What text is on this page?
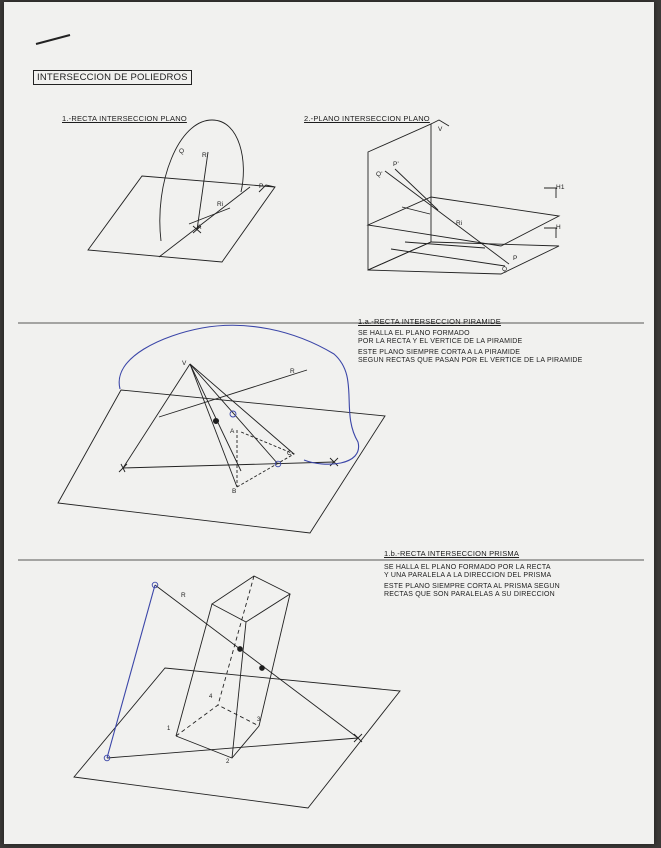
INTERSECCION DE POLIEDROS
1.-RECTA INTERSECCION PLANO	2.-PLANO INTERSECCION PLANO
1.a.-RECTA INTERSECCION PIRAMIDE
1.b.-RECTA INTERSECCION PRISMA
SE HALLA EL PLANO FORMADO
POR LA RECTA Y EL VERTICE DE LA PIRAMIDE
ESTE PLANO SIEMPRE CORTA A LA PIRAMIDE
SEGUN RECTAS QUE PASAN POR EL VERTICE DE LA PIRAMIDE
SE HALLA EL PLANO FORMADO POR LA RECTA
Y UNA PARALELA A LA DIRECCION DEL PRISMA
ESTE PLANO SIEMPRE CORTA AL PRISMA SEGUN
RECTAS QUE SON PARALELAS A SU DIRECCION
Q
R
Ri
P
A
V
P'
Q'
H1
H
Ri
P
Q
V
R
A
B
C
R
1
2
3
4
